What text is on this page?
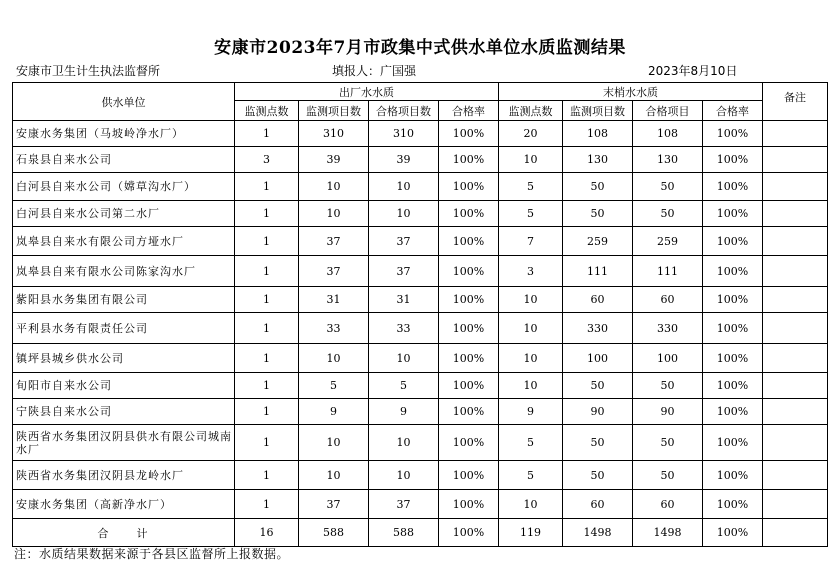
安康市2023年7月市政集中式供水单位水质监测结果
安康市卫生计生执法监督所	填报人：广国强	2023年8月10日
供水单位	出厂水水质				末梢水水质				备注
	监测点数	监测项目数	合格项目数	合格率	监测点数	监测项目数	合格项目	合格率	
安康水务集团（马坡岭净水厂）	1	310	310	100%	20	108	108	100%	
石泉县自来水公司	3	39	39	100%	10	130	130	100%	
白河县自来水公司（嫦草沟水厂）	1	10	10	100%	5	50	50	100%	
白河县自来水公司第二水厂	1	10	10	100%	5	50	50	100%	
岚皋县自来水有限公司方垭水厂	1	37	37	100%	7	259	259	100%	
岚皋县自来有限水公司陈家沟水厂	1	37	37	100%	3	111	111	100%	
紫阳县水务集团有限公司	1	31	31	100%	10	60	60	100%	
平利县水务有限责任公司	1	33	33	100%	10	330	330	100%	
镇坪县城乡供水公司	1	10	10	100%	10	100	100	100%	
旬阳市自来水公司	1	5	5	100%	10	50	50	100%	
宁陕县自来水公司	1	9	9	100%	9	90	90	100%	
陕西省水务集团汉阴县供水有限公司城南水厂	1	10	10	100%	5	50	50	100%	
陕西省水务集团汉阴县龙岭水厂	1	10	10	100%	5	50	50	100%	
安康水务集团（高新净水厂）	1	37	37	100%	10	60	60	100%	
合　　计	16	588	588	100%	119	1498	1498	100%	
注：水质结果数据来源于各县区监督所上报数据。
